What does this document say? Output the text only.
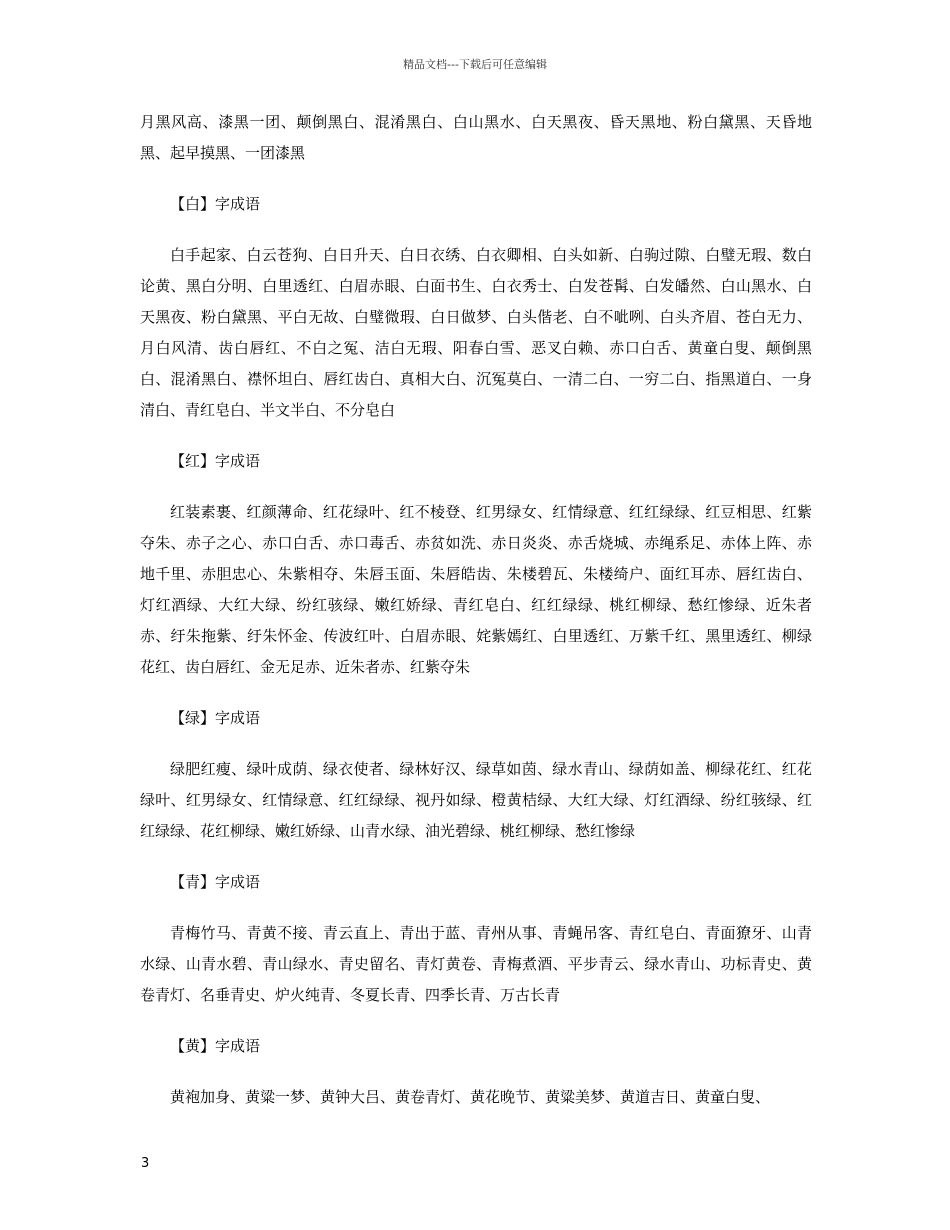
精品文档---下载后可任意编辑

月黑风高、漆黑一团、颠倒黑白、混淆黑白、白山黑水、白天黑夜、昏天黑地、粉白黛黑、天昏地黑、起早摸黑、一团漆黑

【白】字成语

白手起家、白云苍狗、白日升天、白日衣绣、白衣卿相、白头如新、白驹过隙、白璧无瑕、数白论黄、黑白分明、白里透红、白眉赤眼、白面书生、白衣秀士、白发苍髯、白发皤然、白山黑水、白天黑夜、粉白黛黑、平白无故、白璧微瑕、白日做梦、白头偕老、白不呲咧、白头齐眉、苍白无力、月白风清、齿白唇红、不白之冤、洁白无瑕、阳春白雪、恶叉白赖、赤口白舌、黄童白叟、颠倒黑白、混淆黑白、襟怀坦白、唇红齿白、真相大白、沉冤莫白、一清二白、一穷二白、指黑道白、一身清白、青红皂白、半文半白、不分皂白

【红】字成语

红装素裹、红颜薄命、红花绿叶、红不棱登、红男绿女、红情绿意、红红绿绿、红豆相思、红紫夺朱、赤子之心、赤口白舌、赤口毒舌、赤贫如洗、赤日炎炎、赤舌烧城、赤绳系足、赤体上阵、赤地千里、赤胆忠心、朱紫相夺、朱唇玉面、朱唇皓齿、朱楼碧瓦、朱楼绮户、面红耳赤、唇红齿白、灯红酒绿、大红大绿、纷红骇绿、嫩红娇绿、青红皂白、红红绿绿、桃红柳绿、愁红惨绿、近朱者赤、纡朱拖紫、纡朱怀金、传波红叶、白眉赤眼、姹紫嫣红、白里透红、万紫千红、黑里透红、柳绿花红、齿白唇红、金无足赤、近朱者赤、红紫夺朱

【绿】字成语

绿肥红瘦、绿叶成荫、绿衣使者、绿林好汉、绿草如茵、绿水青山、绿荫如盖、柳绿花红、红花绿叶、红男绿女、红情绿意、红红绿绿、视丹如绿、橙黄桔绿、大红大绿、灯红酒绿、纷红骇绿、红红绿绿、花红柳绿、嫩红娇绿、山青水绿、油光碧绿、桃红柳绿、愁红惨绿

【青】字成语

青梅竹马、青黄不接、青云直上、青出于蓝、青州从事、青蝇吊客、青红皂白、青面獠牙、山青水绿、山青水碧、青山绿水、青史留名、青灯黄卷、青梅煮酒、平步青云、绿水青山、功标青史、黄卷青灯、名垂青史、炉火纯青、冬夏长青、四季长青、万古长青

【黄】字成语

黄袍加身、黄粱一梦、黄钟大吕、黄卷青灯、黄花晚节、黄粱美梦、黄道吉日、黄童白叟、

3
